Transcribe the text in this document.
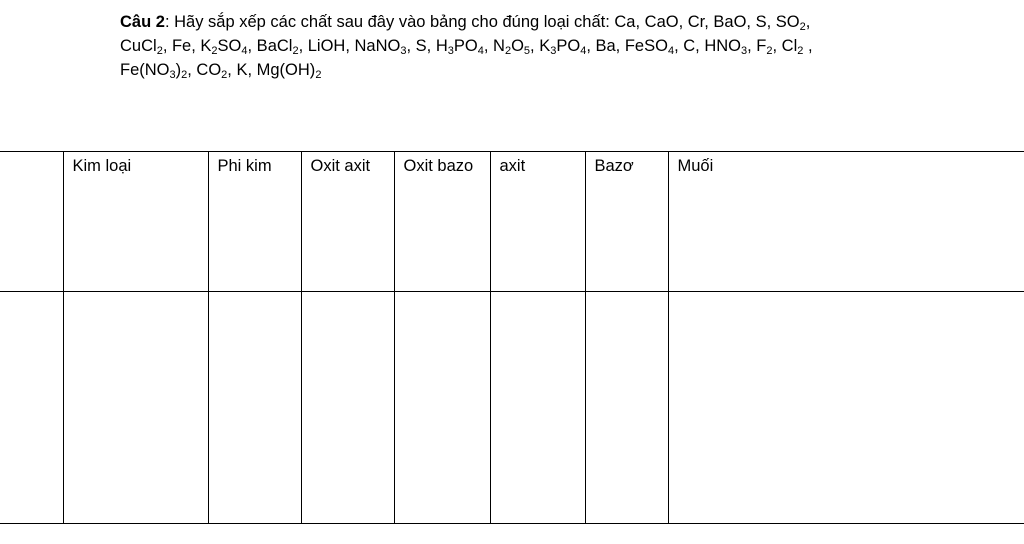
Câu 2: Hãy sắp xếp các chất sau đây vào bảng cho đúng loại chất: Ca, CaO, Cr, BaO, S, $SO_2$,

CuCl$_2$, Fe, $K_2SO_4$, BaCl$_2$, LiOH, NaNO$_3$, S, $H_3PO_4$, $N_2O_5$, $K_3PO_4$, Ba, FeSO$_4$, C, $HNO_3$, $F_2$, $Cl_2$ ,

$Fe(NO_3)_2$, $CO_2$, K, $Mg(OH)_2$

	Kim loại	Phi kim	Oxit axit	Oxit bazo	axit	Bazơ	Muối
